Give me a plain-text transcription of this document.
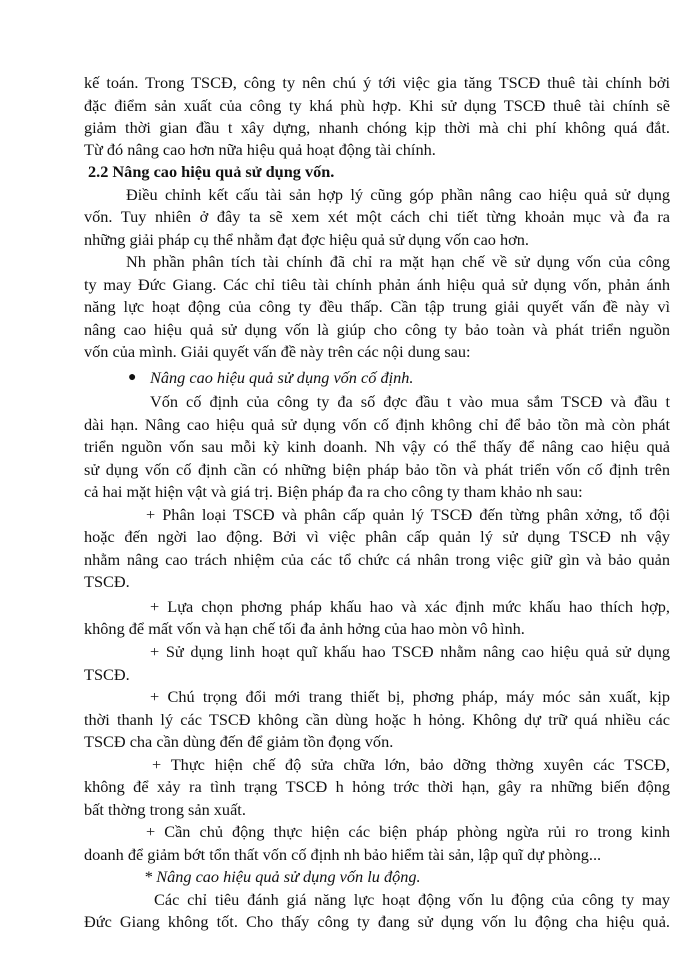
kế toán. Trong TSCĐ, công ty nên chú ý tới việc gia tăng TSCĐ thuê tài chính bởi
đặc điểm sản xuất của công ty khá phù hợp. Khi sử dụng TSCĐ thuê tài chính sẽ
giảm thời gian đầu t xây dựng, nhanh chóng kịp thời mà chi phí không quá đắt.
Từ đó nâng cao hơn nữa hiệu quả hoạt động tài chính.
2.2 Nâng cao hiệu quả sử dụng vốn.
Điều chỉnh kết cấu tài sản hợp lý cũng góp phần nâng cao hiệu quả sử dụng
vốn. Tuy nhiên ở đây ta sẽ xem xét một cách chi tiết từng khoản mục và đa ra
những giải pháp cụ thể nhằm đạt đợc hiệu quả sử dụng vốn cao hơn.
Nh phần phân tích tài chính đã chỉ ra mặt hạn chế về sử dụng vốn của công
ty may Đức Giang. Các chỉ tiêu tài chính phản ánh hiệu quả sử dụng vốn, phản ánh
năng lực hoạt động của công ty đều thấp. Cần tập trung giải quyết vấn đề này vì
nâng cao hiệu quả sử dụng vốn là giúp cho công ty bảo toàn và phát triển nguồn
vốn của mình. Giải quyết vấn đề này trên các nội dung sau:
Nâng cao hiệu quả sử dụng vốn cố định.
●
Vốn cố định của công ty đa số đợc đầu t vào mua sắm TSCĐ và đầu t
dài hạn. Nâng cao hiệu quả sử dụng vốn cố định không chỉ để bảo tồn mà còn phát
triển nguồn vốn sau mỗi kỳ kinh doanh. Nh vậy có thể thấy để nâng cao hiệu quả
sử dụng vốn cố định cần có những biện pháp bảo tồn và phát triển vốn cố định trên
cả hai mặt hiện vật và giá trị. Biện pháp đa ra cho công ty tham khảo nh sau:
+ Phân loại TSCĐ và phân cấp quản lý TSCĐ đến từng phân xởng, tổ đội
hoặc đến ngời lao động. Bởi vì việc phân cấp quản lý sử dụng TSCĐ nh vậy
nhằm nâng cao trách nhiệm của các tổ chức cá nhân trong việc giữ gìn và bảo quản
TSCĐ.
+ Lựa chọn phơng pháp khấu hao và xác định mức khấu hao thích hợp,
không để mất vốn và hạn chế tối đa ảnh hởng của hao mòn vô hình.
+ Sử dụng linh hoạt quĩ khấu hao TSCĐ nhằm nâng cao hiệu quả sử dụng
TSCĐ.
+ Chú trọng đổi mới trang thiết bị, phơng pháp, máy móc sản xuất, kịp
thời thanh lý các TSCĐ không cần dùng hoặc h hỏng. Không dự trữ quá nhiều các
TSCĐ cha cần dùng đến để giảm tồn đọng vốn.
+ Thực hiện chế độ sửa chữa lớn, bảo dỡng thờng xuyên các TSCĐ,
không để xảy ra tình trạng TSCĐ h hỏng trớc thời hạn, gây ra những biến động
bất thờng trong sản xuất.
+ Cần chủ động thực hiện các biện pháp phòng ngừa rủi ro trong kinh
doanh để giảm bớt tổn thất vốn cố định nh bảo hiểm tài sản, lập quĩ dự phòng...
* Nâng cao hiệu quả sử dụng vốn lu động.
Các chỉ tiêu đánh giá năng lực hoạt động vốn lu động của công ty may
Đức Giang không tốt. Cho thấy công ty đang sử dụng vốn lu động cha hiệu quả.
